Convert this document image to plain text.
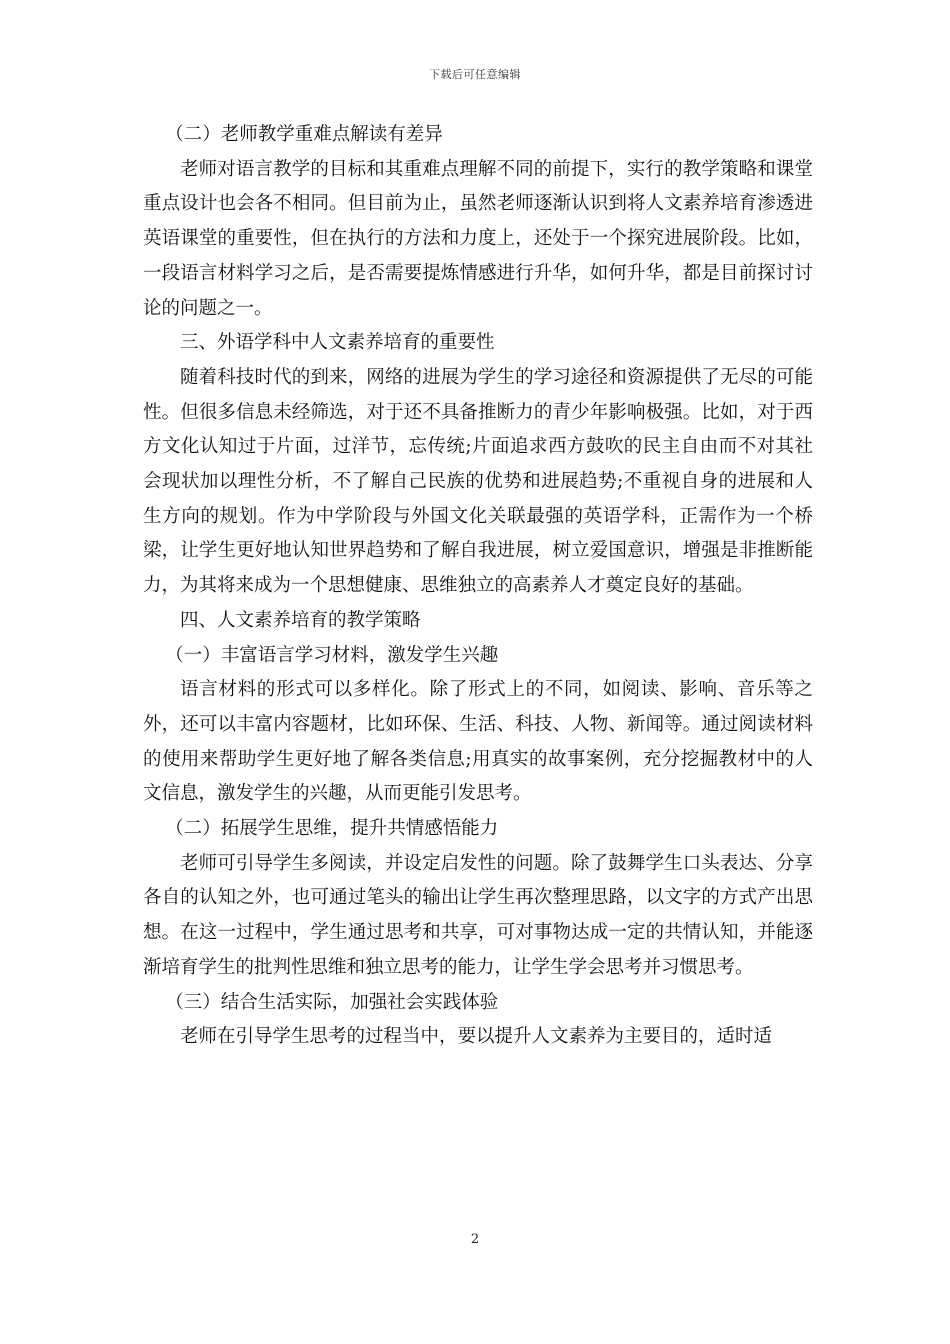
下载后可任意编辑

（二）老师教学重难点解读有差异

老师对语言教学的目标和其重难点理解不同的前提下，实行的教学策略和课堂重点设计也会各不相同。但目前为止，虽然老师逐渐认识到将人文素养培育渗透进英语课堂的重要性，但在执行的方法和力度上，还处于一个探究进展阶段。比如，一段语言材料学习之后，是否需要提炼情感进行升华，如何升华，都是目前探讨讨论的问题之一。

三、外语学科中人文素养培育的重要性

随着科技时代的到来，网络的进展为学生的学习途径和资源提供了无尽的可能性。但很多信息未经筛选，对于还不具备推断力的青少年影响极强。比如，对于西方文化认知过于片面，过洋节，忘传统;片面追求西方鼓吹的民主自由而不对其社会现状加以理性分析，不了解自己民族的优势和进展趋势;不重视自身的进展和人生方向的规划。作为中学阶段与外国文化关联最强的英语学科，正需作为一个桥梁，让学生更好地认知世界趋势和了解自我进展，树立爱国意识，增强是非推断能力，为其将来成为一个思想健康、思维独立的高素养人才奠定良好的基础。

四、人文素养培育的教学策略

（一）丰富语言学习材料，激发学生兴趣

语言材料的形式可以多样化。除了形式上的不同，如阅读、影响、音乐等之外，还可以丰富内容题材，比如环保、生活、科技、人物、新闻等。通过阅读材料的使用来帮助学生更好地了解各类信息;用真实的故事案例，充分挖掘教材中的人文信息，激发学生的兴趣，从而更能引发思考。

（二）拓展学生思维，提升共情感悟能力

老师可引导学生多阅读，并设定启发性的问题。除了鼓舞学生口头表达、分享各自的认知之外，也可通过笔头的输出让学生再次整理思路，以文字的方式产出思想。在这一过程中，学生通过思考和共享，可对事物达成一定的共情认知，并能逐渐培育学生的批判性思维和独立思考的能力，让学生学会思考并习惯思考。

（三）结合生活实际，加强社会实践体验

老师在引导学生思考的过程当中，要以提升人文素养为主要目的，适时适

2
